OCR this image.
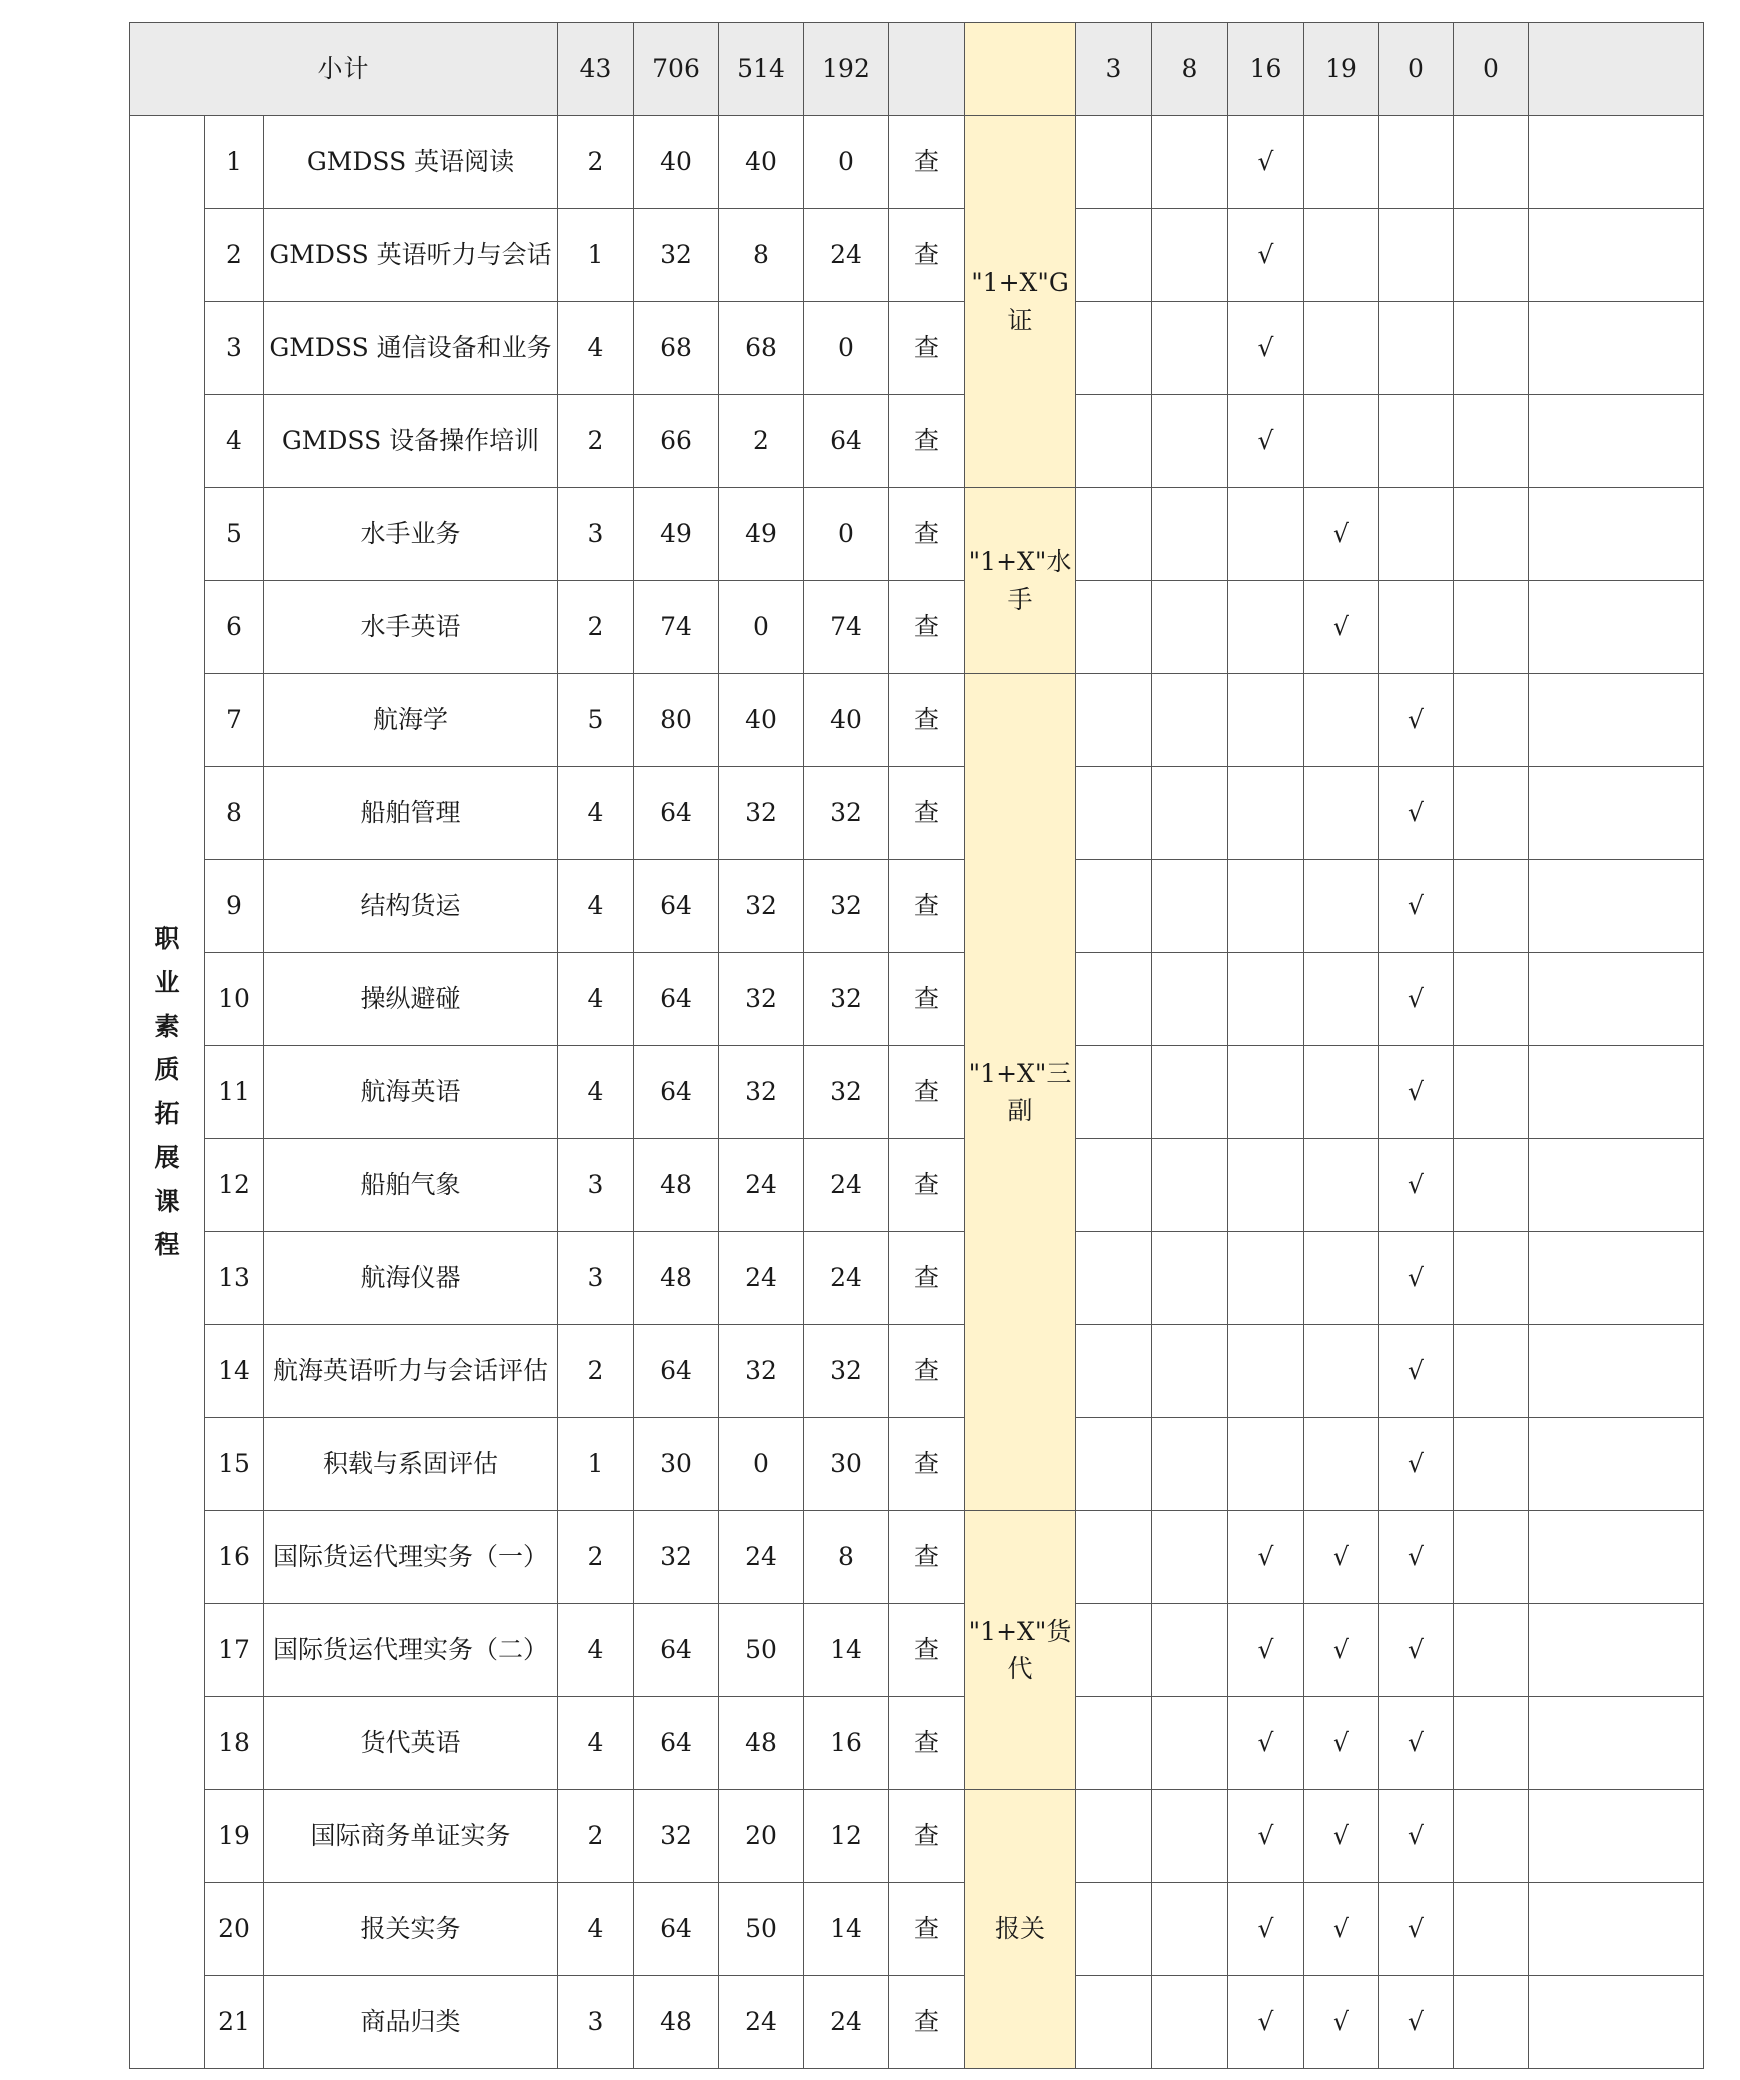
小计			43	706	514	192			3	8	16	19	0	0	
职业素质拓展课程	1	GMDSS 英语阅读	2	40	40	0	查	"1+X"G证			√				
	2	GMDSS 英语听力与会话	1	32	8	24	查				√				
	3	GMDSS 通信设备和业务	4	68	68	0	查				√				
	4	GMDSS 设备操作培训	2	66	2	64	查				√				
	5	水手业务	3	49	49	0	查	"1+X"水手				√			
	6	水手英语	2	74	0	74	查					√			
	7	航海学	5	80	40	40	查	"1+X"三副					√		
	8	船舶管理	4	64	32	32	查						√		
	9	结构货运	4	64	32	32	查						√		
	10	操纵避碰	4	64	32	32	查						√		
	11	航海英语	4	64	32	32	查						√		
	12	船舶气象	3	48	24	24	查						√		
	13	航海仪器	3	48	24	24	查						√		
	14	航海英语听力与会话评估	2	64	32	32	查						√		
	15	积载与系固评估	1	30	0	30	查						√		
	16	国际货运代理实务（一）	2	32	24	8	查	"1+X"货代			√	√	√		
	17	国际货运代理实务（二）	4	64	50	14	查				√	√	√		
	18	货代英语	4	64	48	16	查				√	√	√		
	19	国际商务单证实务	2	32	20	12	查	报关			√	√	√		
	20	报关实务	4	64	50	14	查				√	√	√		
	21	商品归类	3	48	24	24	查				√	√	√		
